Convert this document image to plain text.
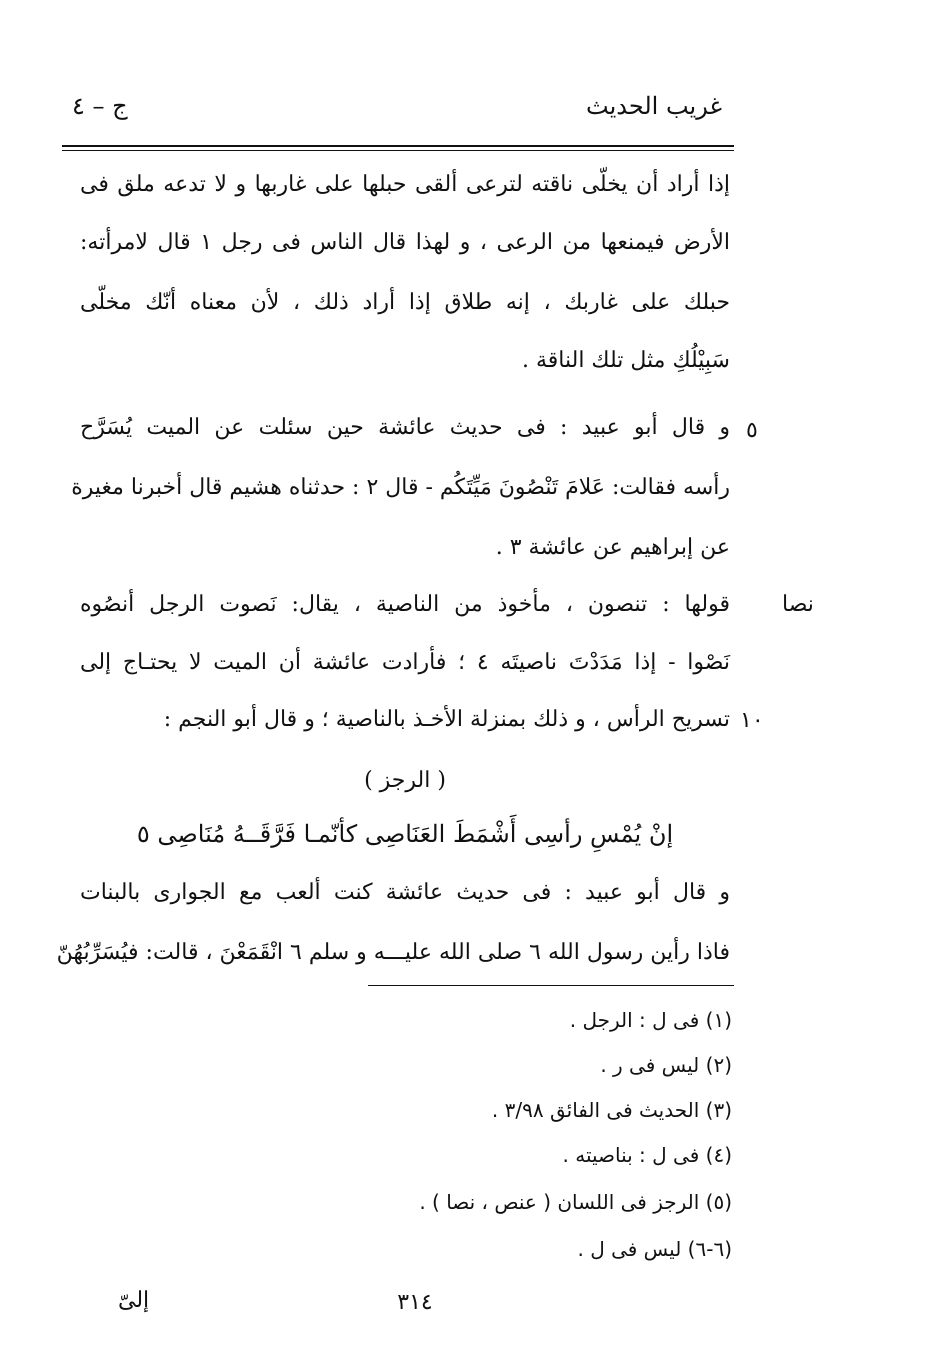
غريب الحديث
ج – ٤
إذا أراد أن يخلّى ناقته لترعى ألقى حبلها على غاربها و لا تدعه ملق فى
الأرض فيمنعها من الرعى ، و لهذا قال الناس فى رجل ١ قال لامرأته:
حبلك على غاربك ، إنه طلاق إذا أراد ذلك ، لأن معناه أنّك مخلّى
سَبِيْلُكِ مثل تلك الناقة .
و قال أبو عبيد : فى حديث عائشة حين سئلت عن الميت يُسَرَّح
رأسه فقالت: عَلامَ تَنْصُونَ مَيِّتَكُم - قال ٢ : حدثناه هشيم قال أخبرنا مغيرة
عن إبراهيم عن عائشة ٣ .
قولها : تنصون ، مأخوذ من الناصية ، يقال: نَصوت الرجل أنصُوه
نَصْوا - إذا مَدَدْتَ ناصيتَه ٤ ؛ فأرادت عائشة أن الميت لا يحتـاج إلى
تسريح الرأس ، و ذلك بمنزلة الأخـذ بالناصية ؛ و قال أبو النجم :
( الرجز )
إنْ يُمْسِ رأسِى أَشْمَطَ العَنَاصِى كأنّمـا فَرَّقَــهُ مُنَاصِى ٥
و قال أبو عبيد : فى حديث عائشة كنت ألعب مع الجوارى بالبنات
فاذا رأين رسول الله ٦ صلى الله عليـــه و سلم ٦ انْقَمَعْنَ ، قالت: فيُسَرِّبُهُنّ
٥
١٠
نصا
(١) فى ل : الرجل .
(٢) ليس فى ر .
(٣) الحديث فى الفائق ٣/٩٨ .
(٤) فى ل : بناصيته .
(٥) الرجز فى اللسان ( عنص ، نصا ) .
(٦-٦) ليس فى ل .
٣١٤
إلىّ
